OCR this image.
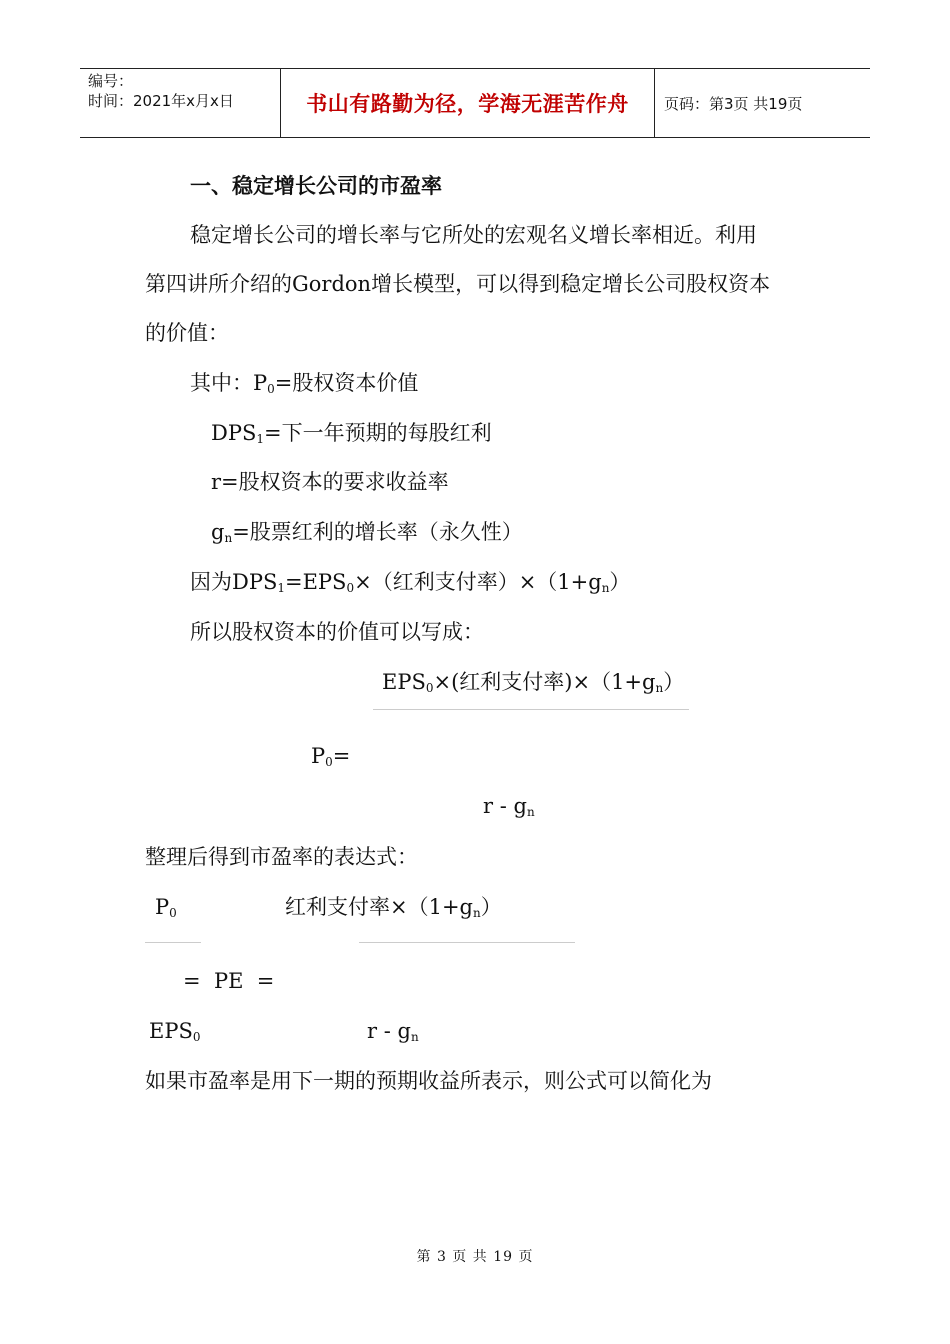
编号：
时间：2021年x月x日	书山有路勤为径，学海无涯苦作舟	页码：第3页 共19页
一、稳定增长公司的市盈率
稳定增长公司的增长率与它所处的宏观名义增长率相近。利用
第四讲所介绍的Gordon增长模型，可以得到稳定增长公司股权资本
的价值：
其中：$P_0=$股权资本价值
$DPS_1=$下一年预期的每股红利
r=股权资本的要求收益率
$g_n=$股票红利的增长率（永久性）
因为$DPS_1=EPS_0\times$（红利支付率）$\times(1+g_n)$
所以股权资本的价值可以写成：
$EPS_0\times$(红利支付率)$\times(1+g_n)$
$P_0=$
r - $g_n$
整理后得到市盈率的表达式：
$P_0$	红利支付率$\times(1+g_n)$
=  PE  =
$EPS_0$	r - $g_n$
如果市盈率是用下一期的预期收益所表示，则公式可以简化为
第 3 页 共 19 页
